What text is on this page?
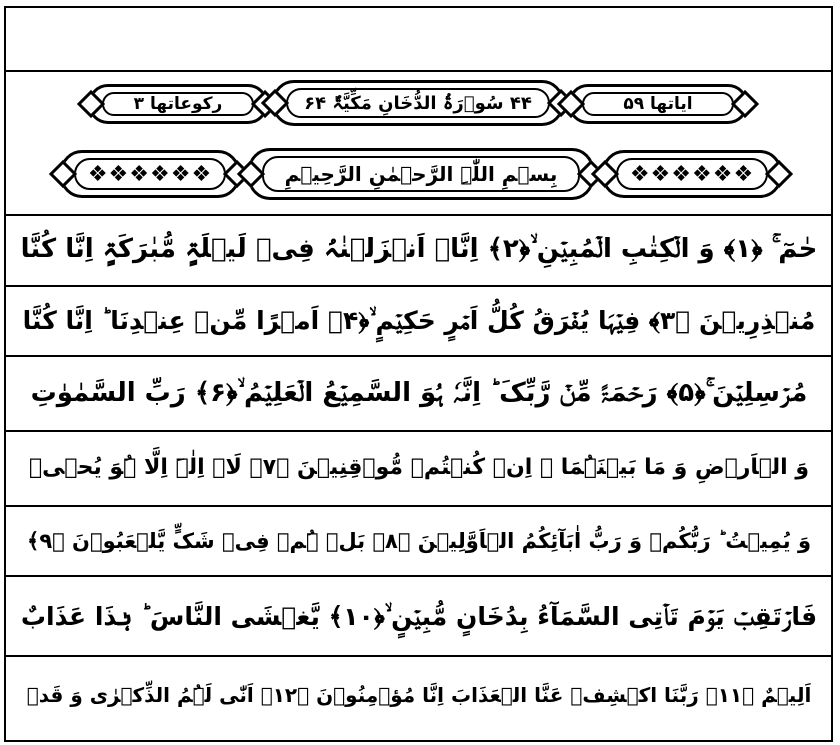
رکوعاتھا ۳	۴۴ سُوۡرَۃُ الدُّخَانِ مَکِّیَّۃٌ ۶۴	ایاتھا ۵۹
❖❖❖❖❖❖	بِسۡمِ اللّٰہِ الرَّحۡمٰنِ الرَّحِیۡمِ	❖❖❖❖❖❖
حٰمٓ ۚ ﴿۱﴾ وَ الۡکِتٰبِ الۡمُبِیۡنِ ۙ﴿۲﴾ اِنَّاۤ اَنۡزَلۡنٰہُ فِیۡ لَیۡلَۃٍ مُّبٰرَکَۃٍ اِنَّا کُنَّا
مُنۡذِرِیۡنَ ﴿۳﴾ فِیۡہَا یُفۡرَقُ کُلُّ اَمۡرٍ حَکِیۡمٍ ۙ﴿۴﴾ اَمۡرًا مِّنۡ عِنۡدِنَا ؕ اِنَّا کُنَّا
مُرۡسِلِیۡنَ ۚ﴿۵﴾ رَحۡمَۃً مِّنۡ رَّبِّکَ ؕ اِنَّہٗ ہُوَ السَّمِیۡعُ الۡعَلِیۡمُ ۙ﴿۶﴾ رَبِّ السَّمٰوٰتِ
وَ الۡاَرۡضِ وَ مَا بَیۡنَہُمَا ۘ اِنۡ کُنۡتُمۡ مُّوۡقِنِیۡنَ ﴿۷﴾ لَاۤ اِلٰہَ اِلَّا ہُوَ یُحۡیٖ
وَ یُمِیۡتُ ؕ رَبُّکُمۡ وَ رَبُّ اٰبَآئِکُمُ الۡاَوَّلِیۡنَ ﴿۸﴾ بَلۡ ہُمۡ فِیۡ شَکٍّ یَّلۡعَبُوۡنَ ﴿۹﴾
فَارۡتَقِبۡ یَوۡمَ تَاۡتِی السَّمَآءُ بِدُخَانٍ مُّبِیۡنٍ ۙ﴿۱۰﴾ یَّغۡشَی النَّاسَ ؕ ہٰذَا عَذَابٌ
اَلِیۡمٌ ﴿۱۱﴾ رَبَّنَا اکۡشِفۡ عَنَّا الۡعَذَابَ اِنَّا مُؤۡمِنُوۡنَ ﴿۱۲﴾ اَنّٰی لَہُمُ الذِّکۡرٰی وَ قَدۡ
